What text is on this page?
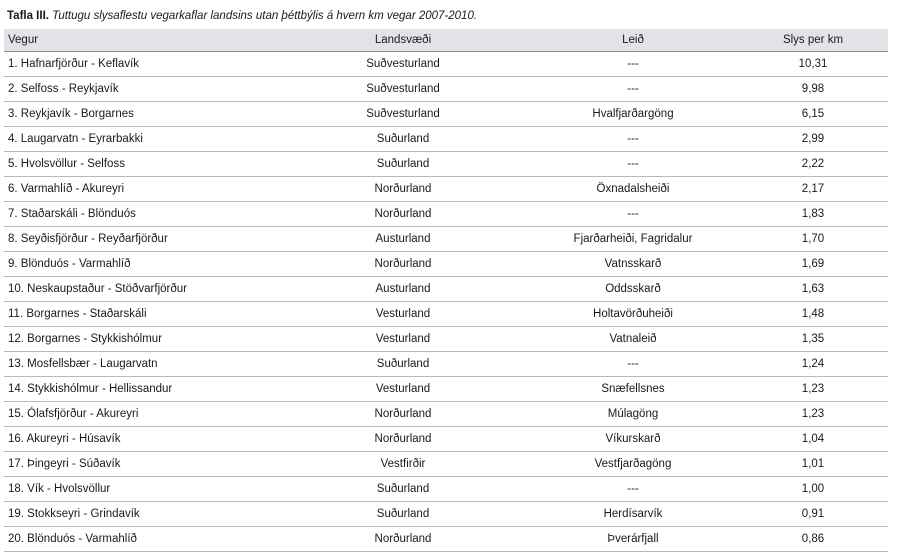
Tafla III. Tuttugu slysaflestu vegarkaflar landsins utan þéttbýlis á hvern km vegar 2007-2010.
Vegur	Landsvæði	Leið	Slys per km
1. Hafnarfjörður - Keflavík	Suðvesturland	---	10,31
2. Selfoss - Reykjavík	Suðvesturland	---	9,98
3. Reykjavík - Borgarnes	Suðvesturland	Hvalfjarðargöng	6,15
4. Laugarvatn - Eyrarbakki	Suðurland	---	2,99
5. Hvolsvöllur - Selfoss	Suðurland	---	2,22
6. Varmahlíð - Akureyri	Norðurland	Öxnadalsheiði	2,17
7. Staðarskáli - Blönduós	Norðurland	---	1,83
8. Seyðisfjörður - Reyðarfjörður	Austurland	Fjarðarheiði, Fagridalur	1,70
9. Blönduós - Varmahlíð	Norðurland	Vatnsskarð	1,69
10. Neskaupstaður - Stöðvarfjörður	Austurland	Oddsskarð	1,63
11. Borgarnes - Staðarskáli	Vesturland	Holtavörðuheiði	1,48
12. Borgarnes - Stykkishólmur	Vesturland	Vatnaleið	1,35
13. Mosfellsbær - Laugarvatn	Suðurland	---	1,24
14. Stykkishólmur - Hellissandur	Vesturland	Snæfellsnes	1,23
15. Ólafsfjörður - Akureyri	Norðurland	Múlagöng	1,23
16. Akureyri - Húsavík	Norðurland	Víkurskarð	1,04
17. Þingeyri - Súðavík	Vestfirðir	Vestfjarðagöng	1,01
18. Vík - Hvolsvöllur	Suðurland	---	1,00
19. Stokkseyri - Grindavík	Suðurland	Herdísarvík	0,91
20. Blönduós - Varmahlíð	Norðurland	Þverárfjall	0,86
